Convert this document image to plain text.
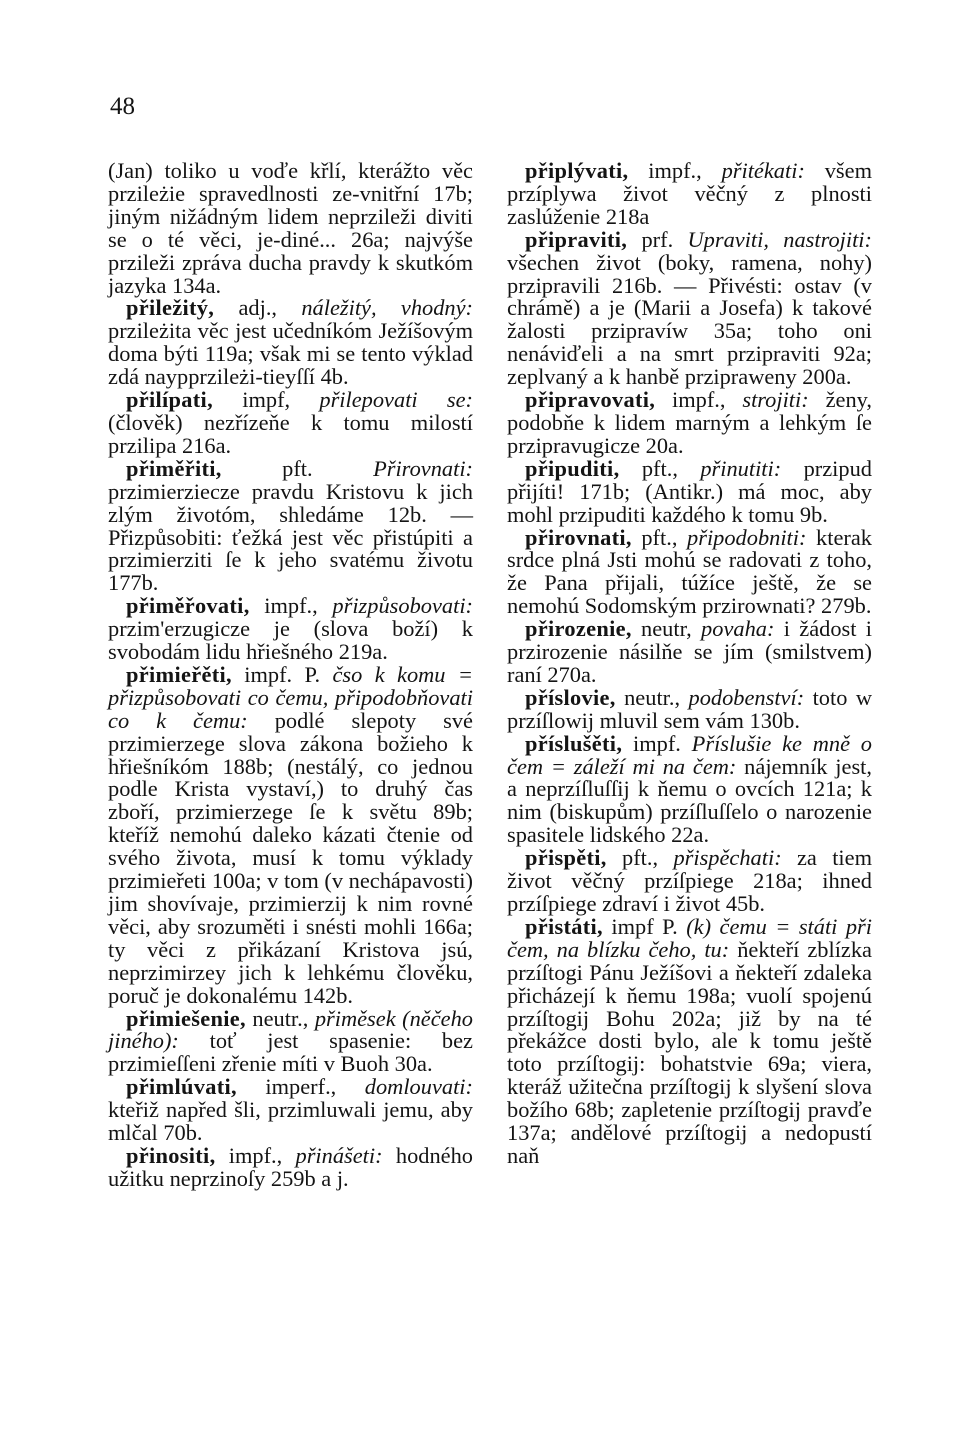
48

(Jan) toliko u voďe křlí, kterážto věc przileżie spravedlnosti ze-vnitřní 17b; jiným nižádným lidem neprzileži diviti se o té věci, je-diné... 26a; najvýše przileži zpráva ducha pravdy k skutkóm jazyka 134a.

přiležitý, adj., náležitý, vhodný: przileżita věc jest učedníkóm Ježíšovým doma býti 119a; však mi se tento výklad zdá naypprzileżi-tieyſſí 4b.

přilípati, impf, přilepovati se: (člověk) nezřízeňe k tomu milostí przilipa 216a.

přiměřiti, pft. Přirovnati: przimierziecze pravdu Kristovu k jich zlým životóm, shledáme 12b. — Přizpůsobiti: ťežká jest věc přistúpiti a przimierziti ſe k jeho svatému životu 177b.

přiměřovati, impf., přizpůsobovati: przim'erzugicze je (slova boží) k svobodám lidu hřiešného 219a.

přimieřěti, impf. P. čso k komu = přizpůsobovati co čemu, připodobňovati co k čemu: podlé slepoty své przimierzege slova zákona božieho k hřiešníkóm 188b; (nestálý, co jednou podle Krista vystaví,) to druhý čas zboří, przimierzege ſe k světu 89b; kteříž nemohú daleko kázati čtenie od svého života, musí k tomu výklady przimieřeti 100a; v tom (v nechápavosti) jim shovívaje, przimierzij k nim rovné věci, aby srozuměti i snésti mohli 166a; ty věci z přikázaní Kristova jsú, neprzimirzey jich k lehkému člověku, poruč je dokonalému 142b.

přimiešenie, neutr., přiměsek (něčeho jiného): toť jest spasenie: bez przimieſſeni zřenie míti v Buoh 30a.

přimlúvati, imperf., domlouvati: kteřiž napřed šli, przimluwali jemu, aby mlčal 70b.

přinositi, impf., přinášeti: hodného užitku neprzinoſy 259b a j.

připlývati, impf., přitékati: všem przíplywa život věčný z plnosti zaslúženie 218a

připraviti, prf. Upraviti, nastrojiti: všechen život (boky, ramena, nohy) przipravili 216b. — Přivésti: ostav (v chrámě) a je (Marii a Josefa) k takové žalosti przipravíw 35a; toho oni nenáviďeli a na smrt przipraviti 92a; zeplvaný a k hanbě przipraweny 200a.

připravovati, impf., strojiti: ženy, podobňe k lidem marným a lehkým ſe przipravugicze 20a.

připuditi, pft., přinutiti: przipud přijíti! 171b; (Antikr.) má moc, aby mohl przipuditi každého k tomu 9b.

přirovnati, pft., připodobniti: kterak srdce plná Jsti mohú se radovati z toho, že Pana přijali, túžíce ještě, že se nemohú Sodomským przirownati? 279b.

přirozenie, neutr, povaha: i žádost i przirozenie násilňe se jím (smilstvem) raní 270a.

příslovie, neutr., podobenství: toto w przíſlowij mluvil sem vám 130b.

příslušěti, impf. Příslušie ke mně o čem = záleží mi na čem: nájemník jest, a neprzíſluſſij k ňemu o ovcích 121a; k nim (biskupům) przíſluſſelo o narozenie spasitele lidského 22a.

přispěti, pft., přispěchati: za tiem život věčný przíſpiege 218a; ihned przíſpiege zdraví i život 45b.

přistáti, impf P. (k) čemu = státi při čem, na blízku čeho, tu: ňekteří zblízka przíſtogi Pánu Ježíšovi a ňekteří zdaleka přicházejí k ňemu 198a; vuolí spojenú przíſtogij Bohu 202a; již by na té překážce dosti bylo, ale k tomu ještě toto przíſtogij: bohatstvie 69a; viera, kteráž užitečna przíſtogij k slyšení slova božího 68b; zapletenie przíſtogij pravďe 137a; andělové przíſtogij a nedopustí naň
